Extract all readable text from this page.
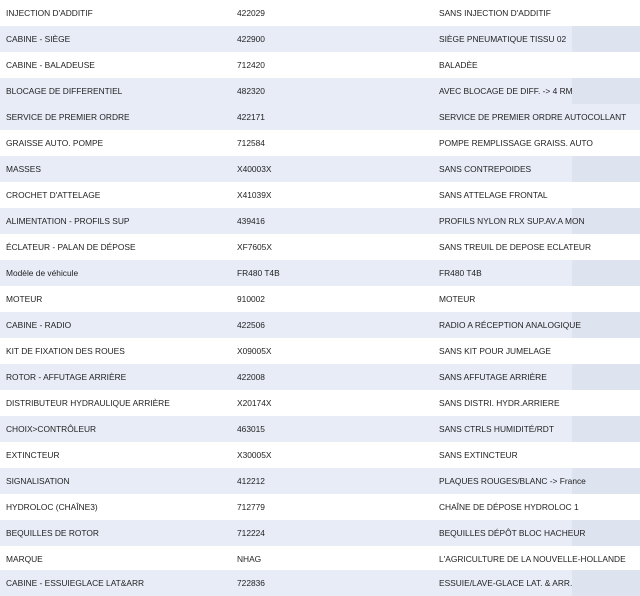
INJECTION D'ADDITIF	422029	SANS INJECTION D'ADDITIF
CABINE - SIÈGE	422900	SIÈGE PNEUMATIQUE TISSU 02
CABINE - BALADEUSE	712420	BALADÈE
BLOCAGE DE DIFFERENTIEL	482320	AVEC BLOCAGE DE DIFF. -> 4 RM
SERVICE DE PREMIER ORDRE	422171	SERVICE DE PREMIER ORDRE AUTOCOLLANT
GRAISSE AUTO. POMPE	712584	POMPE REMPLISSAGE GRAISS. AUTO
MASSES	X40003X	SANS CONTREPOIDES
CROCHET D'ATTELAGE	X41039X	SANS ATTELAGE FRONTAL
ALIMENTATION - PROFILS SUP	439416	PROFILS NYLON RLX SUP.AV.A MON
ÉCLATEUR - PALAN DE DÉPOSE	XF7605X	SANS TREUIL DE DEPOSE ECLATEUR
Modèle de véhicule	FR480 T4B	FR480 T4B
MOTEUR	910002	MOTEUR
CABINE - RADIO	422506	RADIO A RÉCEPTION ANALOGIQUE
KIT DE FIXATION DES ROUES	X09005X	SANS KIT POUR JUMELAGE
ROTOR - AFFUTAGE ARRIÈRE	422008	SANS AFFUTAGE ARRIÈRE
DISTRIBUTEUR HYDRAULIQUE ARRIÈRE	X20174X	SANS DISTRI. HYDR.ARRIERE
CHOIX>CONTRÔLEUR	463015	SANS CTRLS HUMIDITÉ/RDT
EXTINCTEUR	X30005X	SANS EXTINCTEUR
SIGNALISATION	412212	PLAQUES ROUGES/BLANC -> France
HYDROLOC (CHAÎNE3)	712779	CHAÎNE DE DÉPOSE HYDROLOC 1
BEQUILLES DE ROTOR	712224	BEQUILLES DÉPÔT BLOC HACHEUR
MARQUE	NHAG	L'AGRICULTURE DE LA NOUVELLE-HOLLANDE
CABINE - ESSUIEGLACE LAT&ARR	722836	ESSUIE/LAVE-GLACE LAT. & ARR.
